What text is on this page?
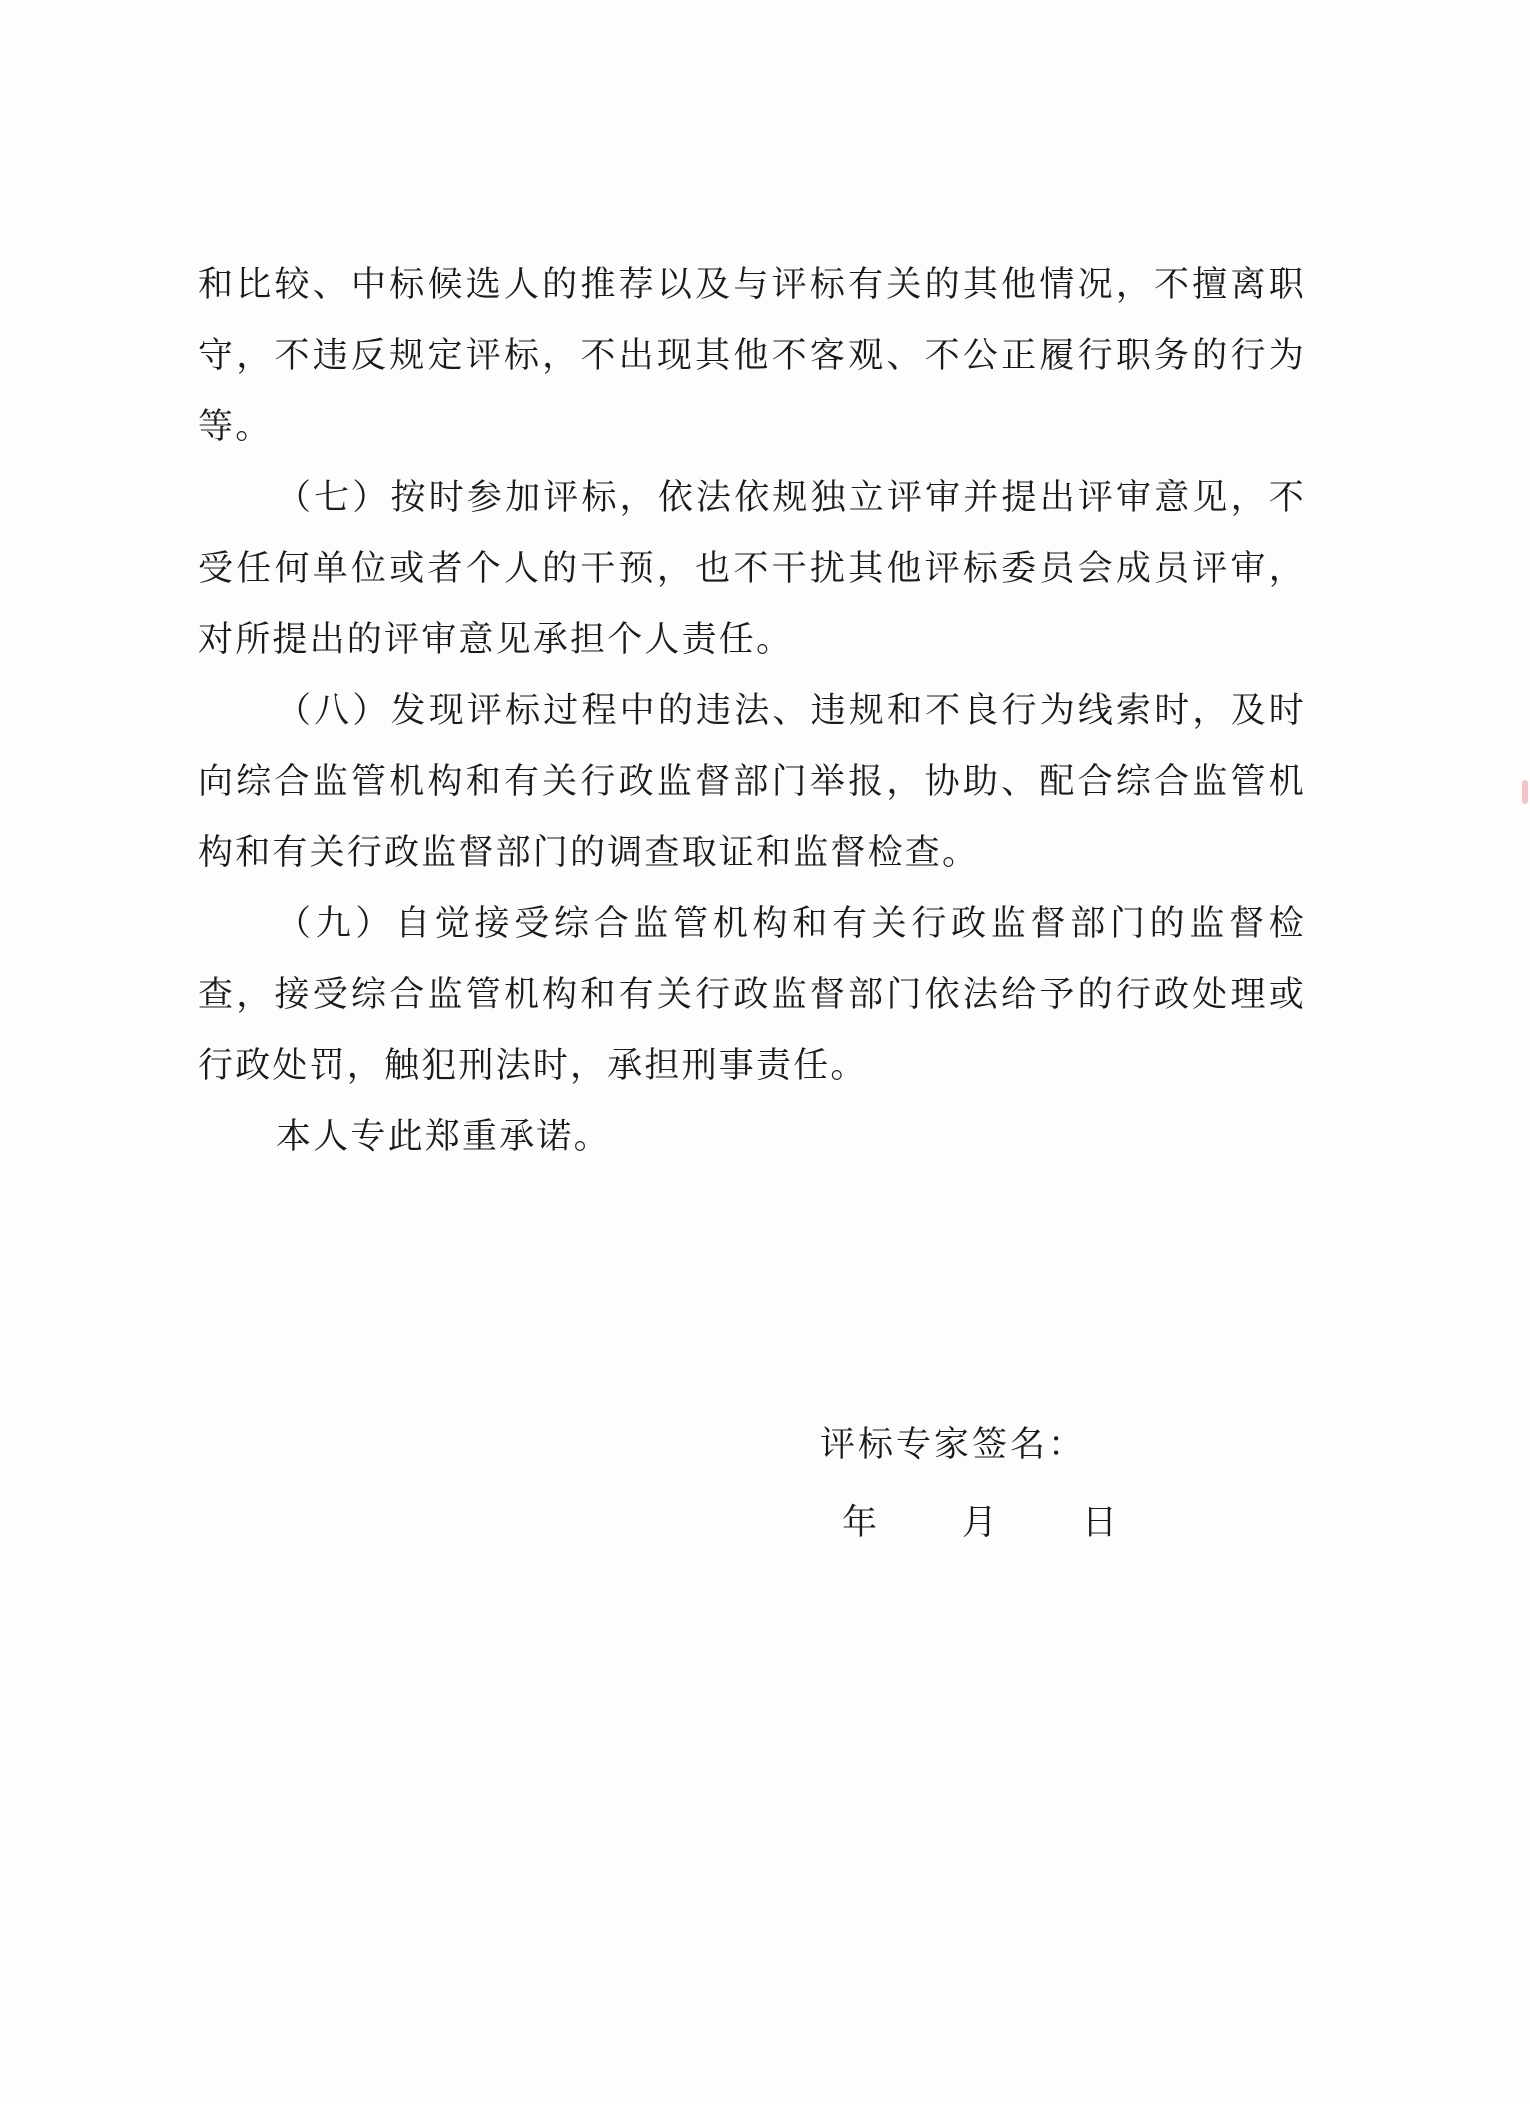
和比较、中标候选人的推荐以及与评标有关的其他情况，不擅离职守，不违反规定评标，不出现其他不客观、不公正履行职务的行为等。

（七）按时参加评标，依法依规独立评审并提出评审意见，不受任何单位或者个人的干预，也不干扰其他评标委员会成员评审，对所提出的评审意见承担个人责任。

（八）发现评标过程中的违法、违规和不良行为线索时，及时向综合监管机构和有关行政监督部门举报，协助、配合综合监管机构和有关行政监督部门的调查取证和监督检查。

（九）自觉接受综合监管机构和有关行政监督部门的监督检查，接受综合监管机构和有关行政监督部门依法给予的行政处理或行政处罚，触犯刑法时，承担刑事责任。

本人专此郑重承诺。

评标专家签名：
年	月	日
